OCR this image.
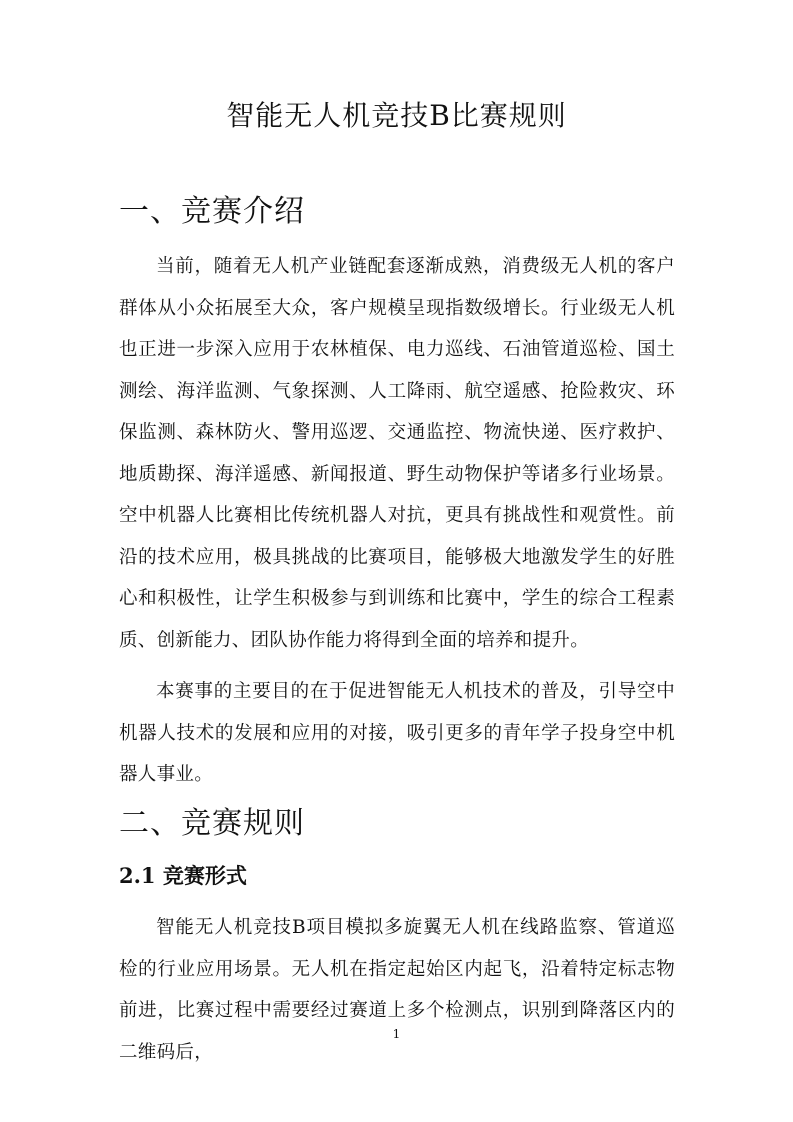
智能无人机竞技B比赛规则
一、竞赛介绍

当前，随着无人机产业链配套逐渐成熟，消费级无人机的客户群体从小众拓展至大众，客户规模呈现指数级增长。行业级无人机也正进一步深入应用于农林植保、电力巡线、石油管道巡检、国土测绘、海洋监测、气象探测、人工降雨、航空遥感、抢险救灾、环保监测、森林防火、警用巡逻、交通监控、物流快递、医疗救护、地质勘探、海洋遥感、新闻报道、野生动物保护等诸多行业场景。空中机器人比赛相比传统机器人对抗，更具有挑战性和观赏性。前沿的技术应用，极具挑战的比赛项目，能够极大地激发学生的好胜心和积极性，让学生积极参与到训练和比赛中，学生的综合工程素质、创新能力、团队协作能力将得到全面的培养和提升。

本赛事的主要目的在于促进智能无人机技术的普及，引导空中机器人技术的发展和应用的对接，吸引更多的青年学子投身空中机器人事业。

二、竞赛规则
2.1 竞赛形式

智能无人机竞技B项目模拟多旋翼无人机在线路监察、管道巡检的行业应用场景。无人机在指定起始区内起飞，沿着特定标志物前进，比赛过程中需要经过赛道上多个检测点，识别到降落区内的二维码后，

1
